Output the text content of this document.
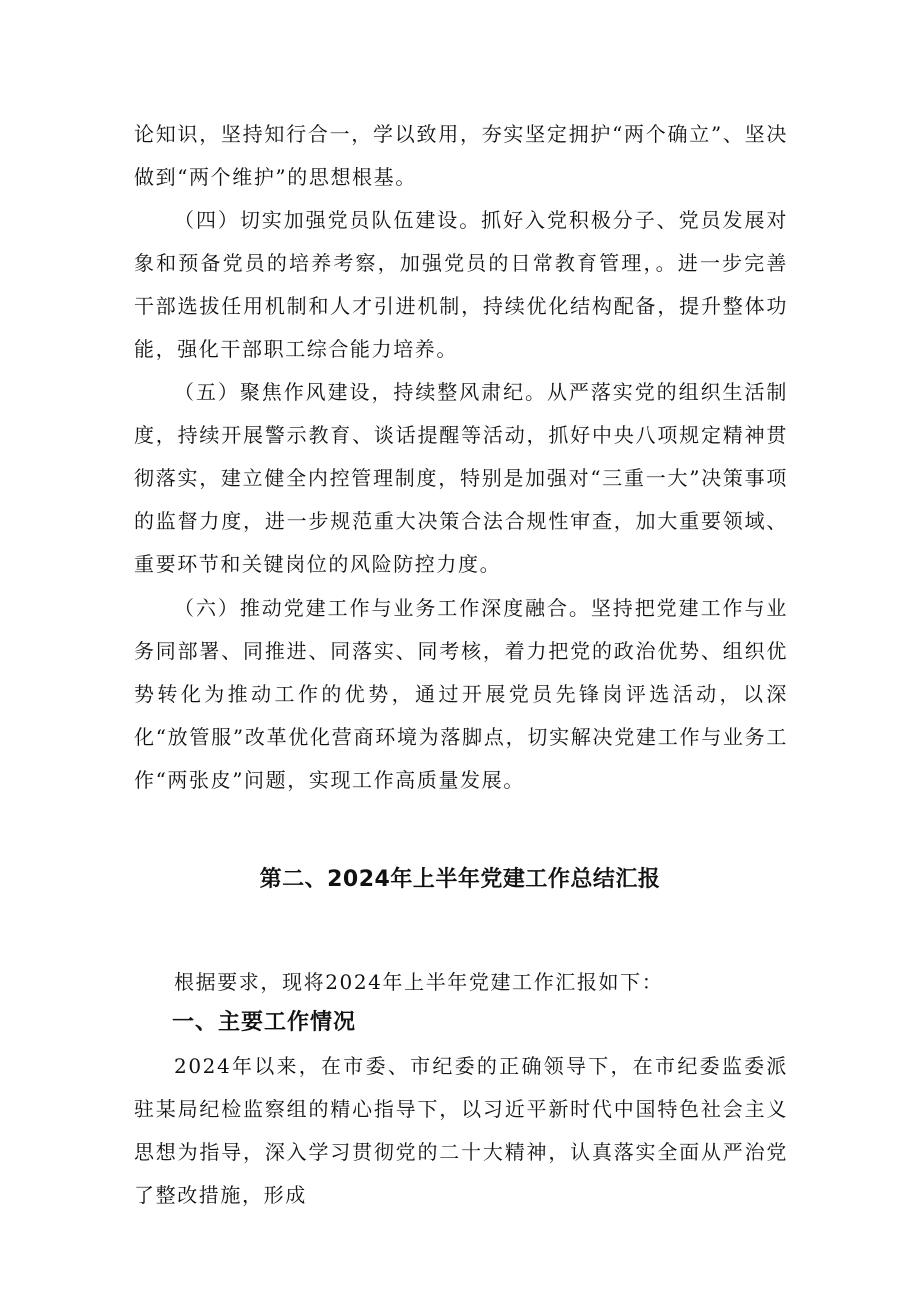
论知识，坚持知行合一，学以致用，夯实坚定拥护“两个确立”、坚决做到“两个维护”的思想根基。

（四）切实加强党员队伍建设。抓好入党积极分子、党员发展对象和预备党员的培养考察，加强党员的日常教育管理，。进一步完善干部选拔任用机制和人才引进机制，持续优化结构配备，提升整体功能，强化干部职工综合能力培养。

（五）聚焦作风建设，持续整风肃纪。从严落实党的组织生活制度，持续开展警示教育、谈话提醒等活动，抓好中央八项规定精神贯彻落实，建立健全内控管理制度，特别是加强对“三重一大”决策事项的监督力度，进一步规范重大决策合法合规性审查，加大重要领域、重要环节和关键岗位的风险防控力度。

（六）推动党建工作与业务工作深度融合。坚持把党建工作与业务同部署、同推进、同落实、同考核，着力把党的政治优势、组织优势转化为推动工作的优势，通过开展党员先锋岗评选活动，以深化“放管服”改革优化营商环境为落脚点，切实解决党建工作与业务工作“两张皮”问题，实现工作高质量发展。

第二、2024年上半年党建工作总结汇报

根据要求，现将2024年上半年党建工作汇报如下：

一、主要工作情况

2024年以来，在市委、市纪委的正确领导下，在市纪委监委派驻某局纪检监察组的精心指导下，以习近平新时代中国特色社会主义思想为指导，深入学习贯彻党的二十大精神，认真落实全面从严治党了整改措施，形成
